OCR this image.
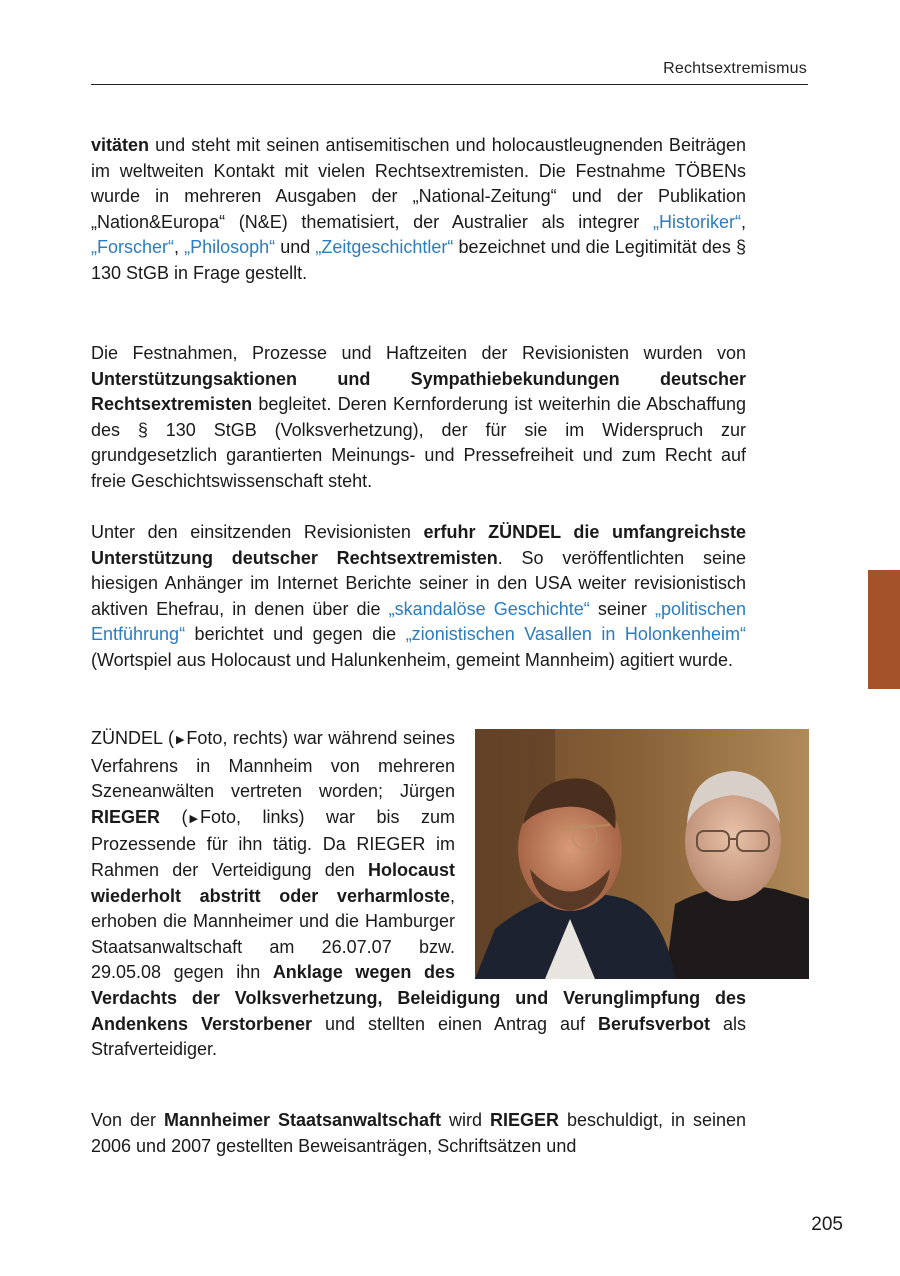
Rechtsextremismus

vitäten und steht mit seinen antisemitischen und holocaustleugnenden Beiträgen im weltweiten Kontakt mit vielen Rechtsextremisten. Die Festnahme TÖBENs wurde in mehreren Ausgaben der „National-Zeitung“ und der Publikation „Nation&Europa“ (N&E) thematisiert, der Australier als integrer „Historiker“, „Forscher“, „Philosoph“ und „Zeitgeschichtler“ bezeichnet und die Legitimität des § 130 StGB in Frage gestellt.

Die Festnahmen, Prozesse und Haftzeiten der Revisionisten wurden von Unterstützungsaktionen und Sympathiebekundungen deutscher Rechtsextremisten begleitet. Deren Kernforderung ist weiterhin die Abschaffung des § 130 StGB (Volksverhetzung), der für sie im Widerspruch zur grundgesetzlich garantierten Meinungs- und Pressefreiheit und zum Recht auf freie Geschichtswissenschaft steht.

Unter den einsitzenden Revisionisten erfuhr ZÜNDEL die umfangreichste Unterstützung deutscher Rechtsextremisten. So veröffentlichten seine hiesigen Anhänger im Internet Berichte seiner in den USA weiter revisionistisch aktiven Ehefrau, in denen über die „skandalöse Geschichte“ seiner „politischen Entführung“ berichtet und gegen die „zionistischen Vasallen in Holonkenheim“ (Wortspiel aus Holocaust und Halunkenheim, gemeint Mannheim) agitiert wurde.

ZÜNDEL ( ▶ Foto, rechts) war während seines Verfahrens in Mannheim von mehreren Szeneanwälten vertreten worden; Jürgen RIEGER ( ▶ Foto, links) war bis zum Prozessende für ihn tätig. Da RIEGER im Rahmen der Verteidigung den Holocaust wiederholt abstritt oder verharmloste, erhoben die Mannheimer und die Hamburger Staatsanwaltschaft am 26.07.07 bzw. 29.05.08 gegen ihn Anklage wegen des Verdachts der Volksverhetzung, Beleidigung und Verunglimpfung des Andenkens Verstorbener und stellten einen Antrag auf Berufsverbot als Strafverteidiger.

Von der Mannheimer Staatsanwaltschaft wird RIEGER beschuldigt, in seinen 2006 und 2007 gestellten Beweisanträgen, Schriftsätzen und

205
